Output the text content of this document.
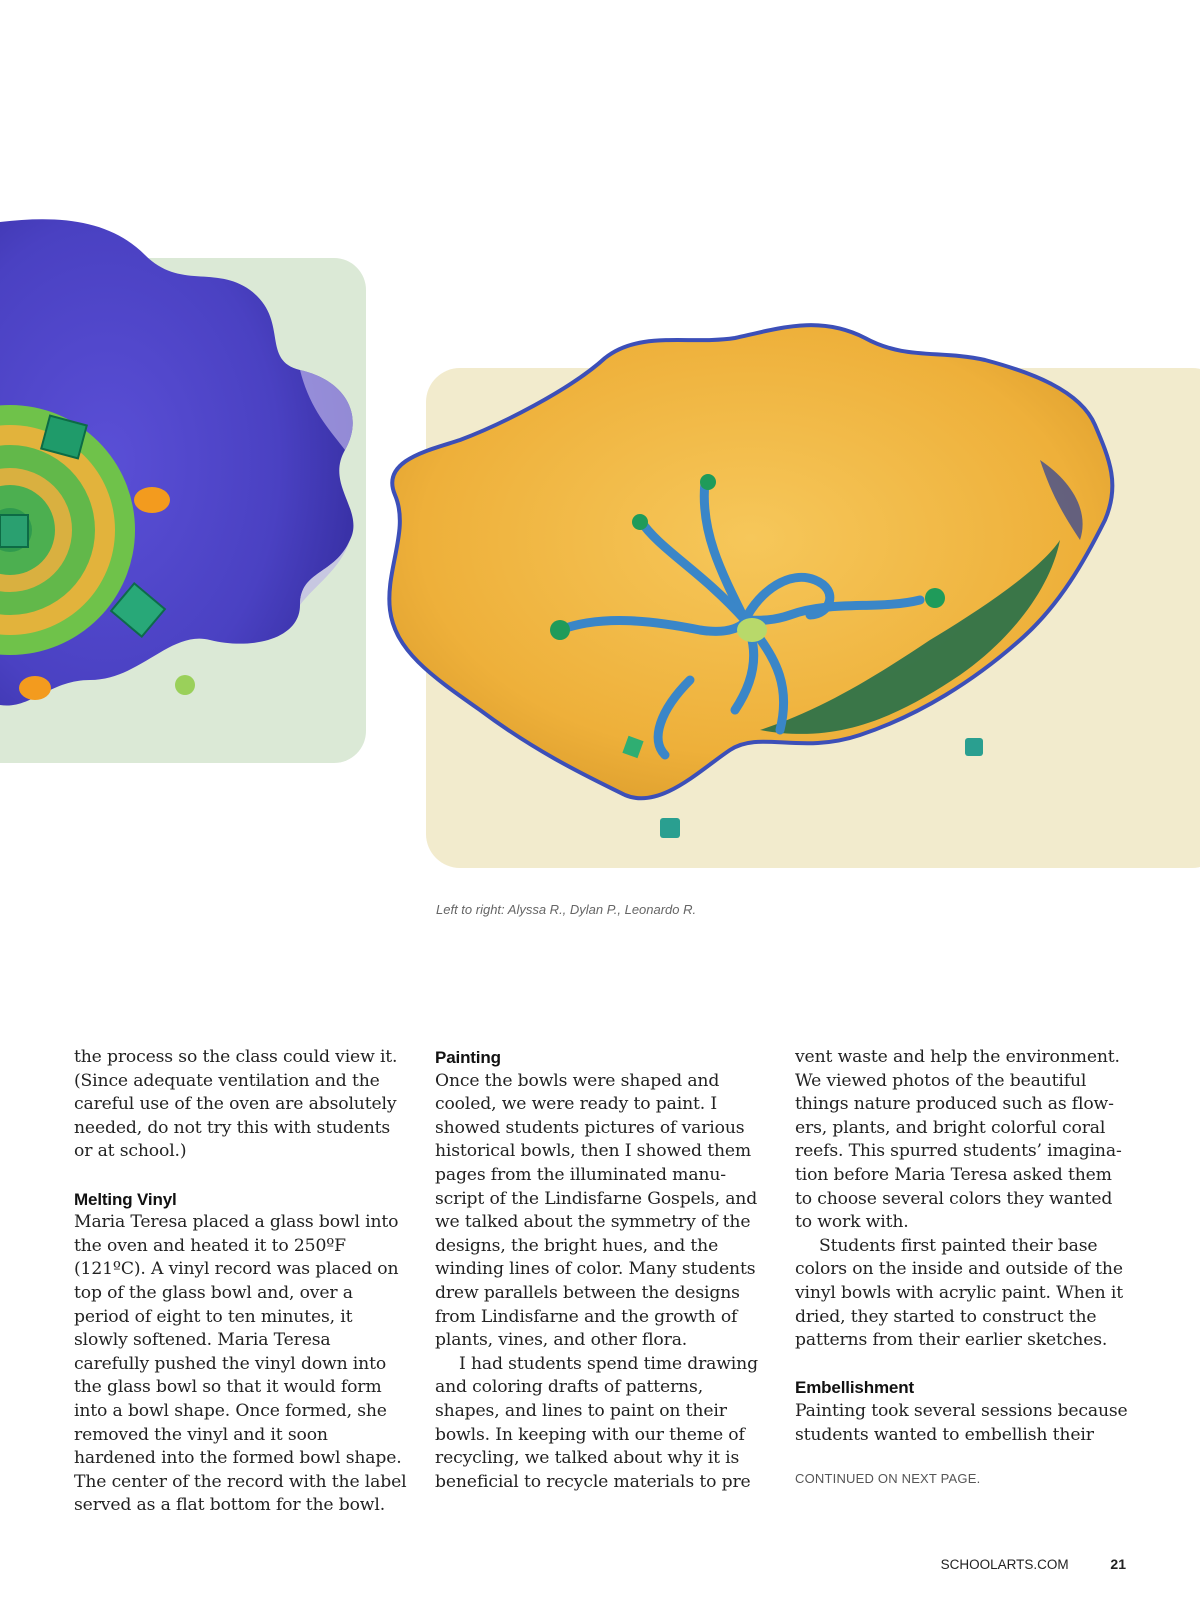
Left to right: Alyssa R., Dylan P., Leonardo R.

the process so the class could view it. (Since adequate ventilation and the careful use of the oven are absolutely needed, do not try this with students or at school.)

Melting Vinyl

Maria Teresa placed a glass bowl into the oven and heated it to 250ºF (121ºC). A vinyl record was placed on top of the glass bowl and, over a period of eight to ten minutes, it slowly softened. Maria Teresa carefully pushed the vinyl down into the glass bowl so that it would form into a bowl shape. Once formed, she removed the vinyl and it soon hardened into the formed bowl shape. The center of the record with the label served as a flat bottom for the bowl.

Painting

Once the bowls were shaped and cooled, we were ready to paint. I showed students pictures of various historical bowls, then I showed them pages from the illuminated manuscript of the Lindisfarne Gospels, and we talked about the symmetry of the designs, the bright hues, and the winding lines of color. Many students drew parallels between the designs from Lindisfarne and the growth of plants, vines, and other flora.

I had students spend time drawing and coloring drafts of patterns, shapes, and lines to paint on their bowls. In keeping with our theme of recycling, we talked about why it is beneficial to recycle materials to pre

vent waste and help the environment. We viewed photos of the beautiful things nature produced such as flowers, plants, and bright colorful coral reefs. This spurred students’ imagination before Maria Teresa asked them to choose several colors they wanted to work with.

Students first painted their base colors on the inside and outside of the vinyl bowls with acrylic paint. When it dried, they started to construct the patterns from their earlier sketches.

Embellishment

Painting took several sessions because students wanted to embellish their

CONTINUED ON NEXT PAGE.
SCHOOLARTS.COM	21
